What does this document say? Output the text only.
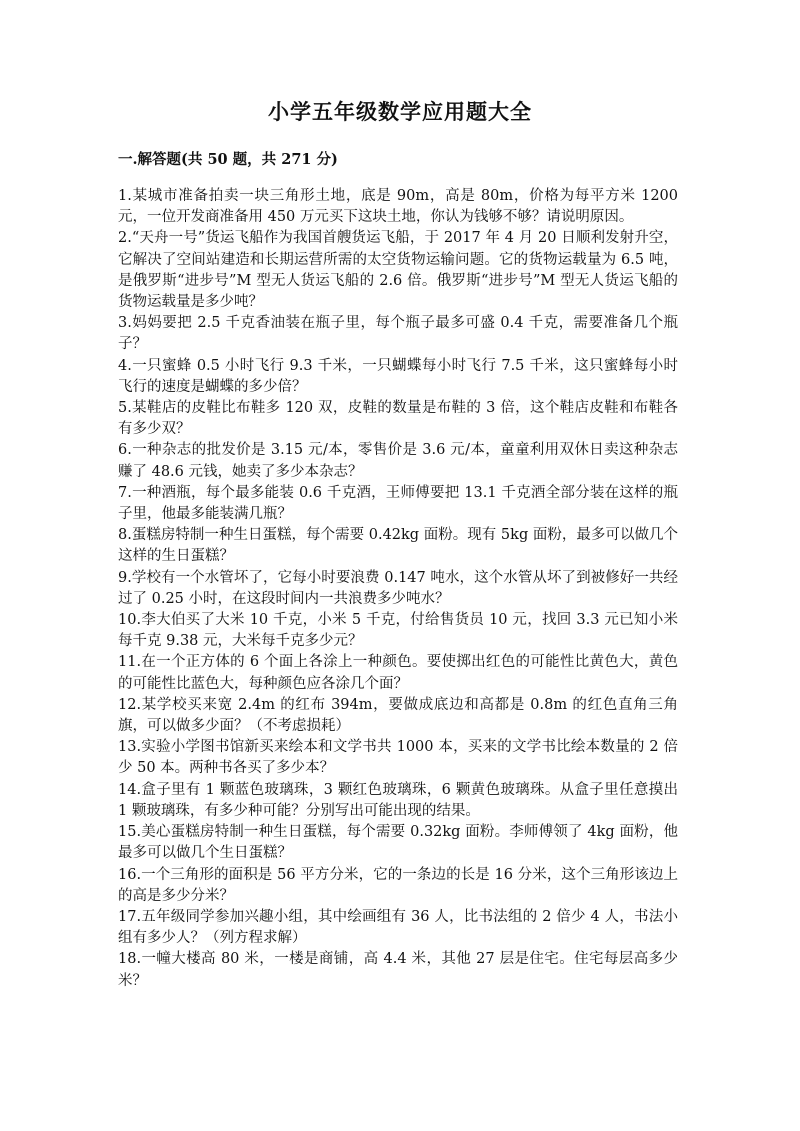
小学五年级数学应用题大全
一.解答题(共 50 题，共 271 分)
1.某城市准备拍卖一块三角形土地，底是 90m，高是 80m，价格为每平方米 1200 元，一位开发商准备用 450 万元买下这块土地，你认为钱够不够？请说明原因。
2.“天舟一号”货运飞船作为我国首艘货运飞船，于 2017 年 4 月 20 日顺利发射升空，它解决了空间站建造和长期运营所需的太空货物运输问题。它的货物运载量为 6.5 吨，是俄罗斯“进步号”M 型无人货运飞船的 2.6 倍。俄罗斯“进步号”M 型无人货运飞船的货物运载量是多少吨？
3.妈妈要把 2.5 千克香油装在瓶子里，每个瓶子最多可盛 0.4 千克，需要准备几个瓶子？
4.一只蜜蜂 0.5 小时飞行 9.3 千米，一只蝴蝶每小时飞行 7.5 千米，这只蜜蜂每小时飞行的速度是蝴蝶的多少倍？
5.某鞋店的皮鞋比布鞋多 120 双，皮鞋的数量是布鞋的 3 倍，这个鞋店皮鞋和布鞋各有多少双？
6.一种杂志的批发价是 3.15 元/本，零售价是 3.6 元/本，童童利用双休日卖这种杂志赚了 48.6 元钱，她卖了多少本杂志？
7.一种酒瓶，每个最多能装 0.6 千克酒，王师傅要把 13.1 千克酒全部分装在这样的瓶子里，他最多能装满几瓶？
8.蛋糕房特制一种生日蛋糕，每个需要 0.42kg 面粉。现有 5kg 面粉，最多可以做几个这样的生日蛋糕？
9.学校有一个水管坏了，它每小时要浪费 0.147 吨水，这个水管从坏了到被修好一共经过了 0.25 小时，在这段时间内一共浪费多少吨水？
10.李大伯买了大米 10 千克，小米 5 千克，付给售货员 10 元，找回 3.3 元已知小米每千克 9.38 元，大米每千克多少元？
11.在一个正方体的 6 个面上各涂上一种颜色。要使掷出红色的可能性比黄色大，黄色的可能性比蓝色大，每种颜色应各涂几个面？
12.某学校买来宽 2.4m 的红布 394m，要做成底边和高都是 0.8m 的红色直角三角旗，可以做多少面？（不考虑损耗）
13.实验小学图书馆新买来绘本和文学书共 1000 本，买来的文学书比绘本数量的 2 倍少 50 本。两种书各买了多少本？
14.盒子里有 1 颗蓝色玻璃珠，3 颗红色玻璃珠，6 颗黄色玻璃珠。从盒子里任意摸出 1 颗玻璃珠，有多少种可能？分别写出可能出现的结果。
15.美心蛋糕房特制一种生日蛋糕，每个需要 0.32kg 面粉。李师傅领了 4kg 面粉，他最多可以做几个生日蛋糕？
16.一个三角形的面积是 56 平方分米，它的一条边的长是 16 分米，这个三角形该边上的高是多少分米？
17.五年级同学参加兴趣小组，其中绘画组有 36 人，比书法组的 2 倍少 4 人，书法小组有多少人？（列方程求解）
18.一幢大楼高 80 米，一楼是商铺，高 4.4 米，其他 27 层是住宅。住宅每层高多少米？
